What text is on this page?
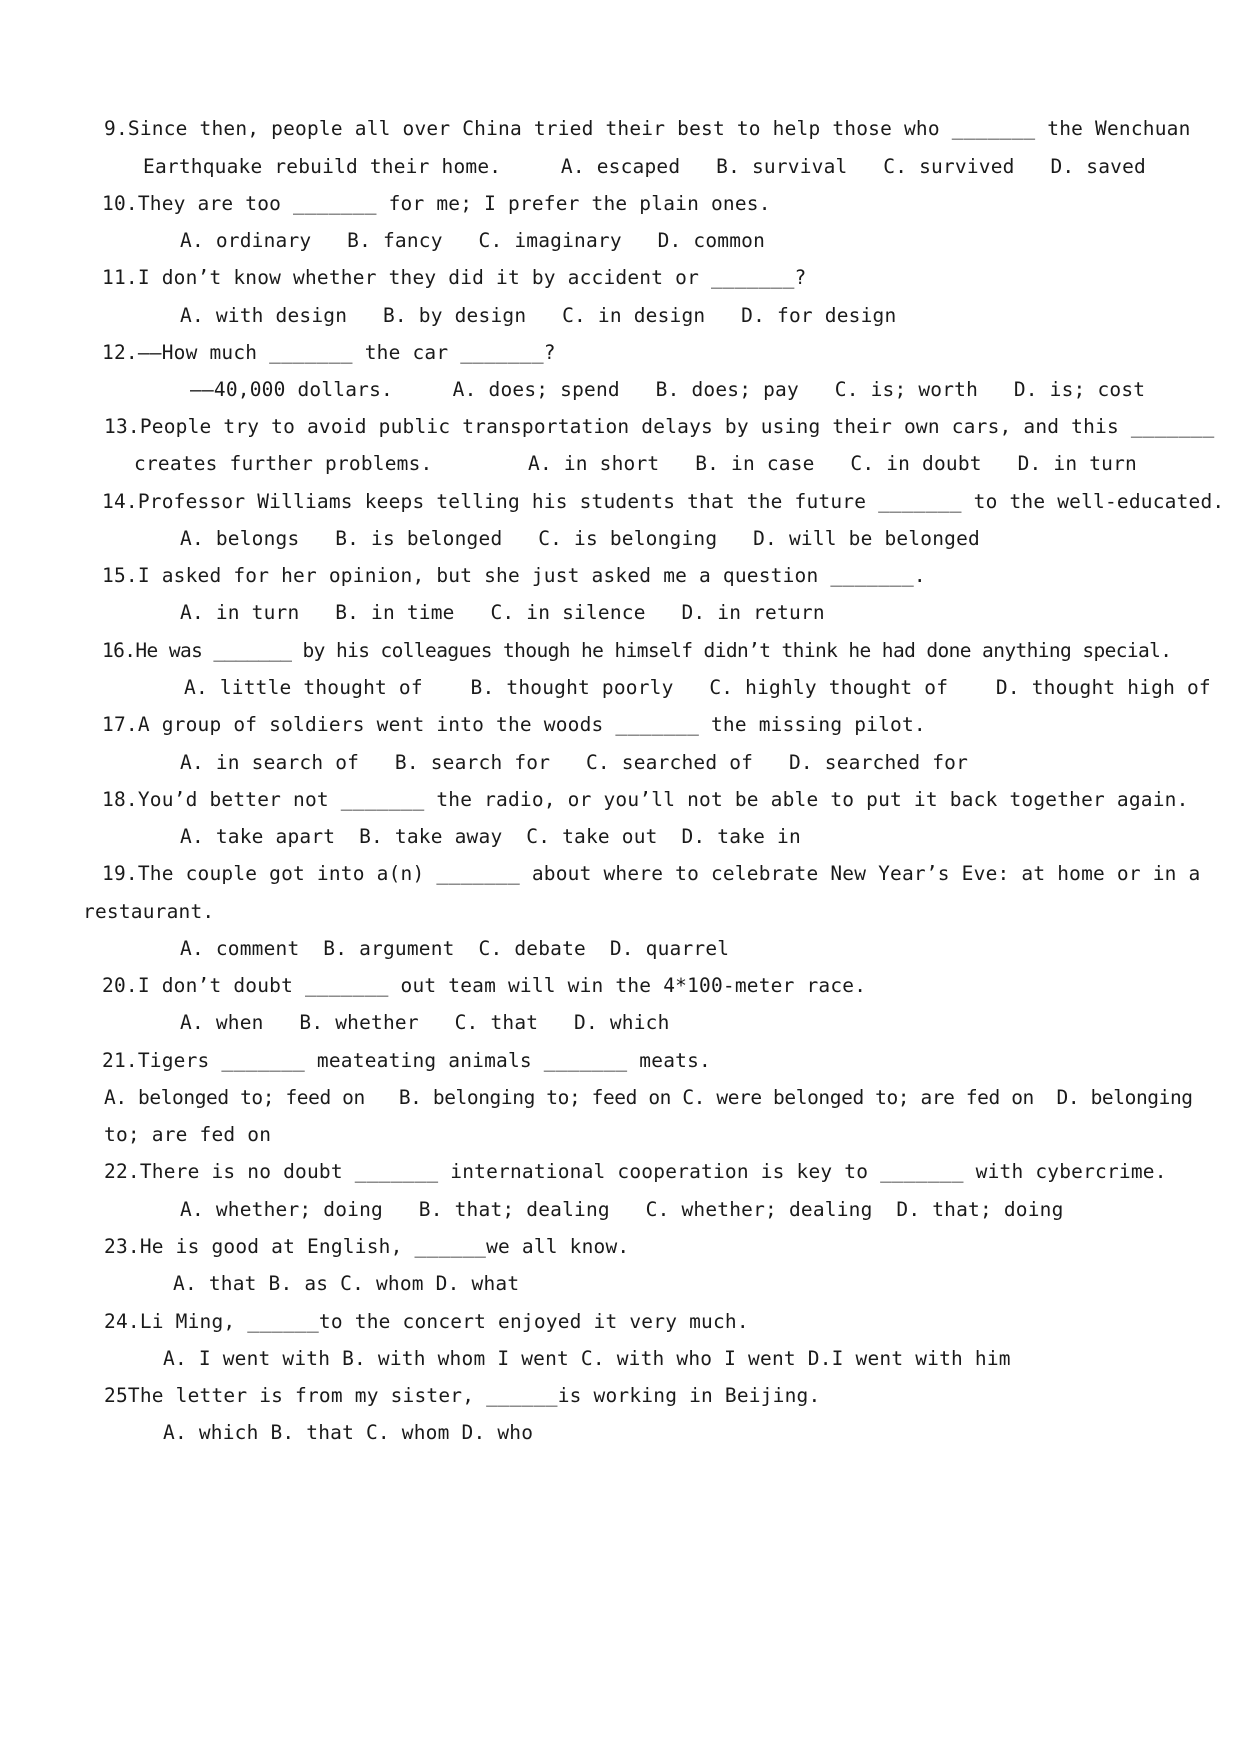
9.Since then, people all over China tried their best to help those who _______ the Wenchuan
Earthquake rebuild their home.	A. escaped   B. survival   C. survived   D. saved
10.They are too _______ for me; I prefer the plain ones.
A. ordinary   B. fancy   C. imaginary   D. common
11.I don’t know whether they did it by accident or _______?
A. with design   B. by design   C. in design   D. for design
12.——How much _______ the car _______?
——40,000 dollars.     A. does; spend   B. does; pay   C. is; worth   D. is; cost
13.People try to avoid public transportation delays by using their own cars, and this _______
creates further problems.	A. in short   B. in case   C. in doubt   D. in turn
14.Professor Williams keeps telling his students that the future _______ to the well-educated.
A. belongs   B. is belonged   C. is belonging   D. will be belonged
15.I asked for her opinion, but she just asked me a question _______.
A. in turn   B. in time   C. in silence   D. in return
16.He was _______ by his colleagues though he himself didn’t think he had done anything special.
A. little thought of    B. thought poorly   C. highly thought of    D. thought high of
17.A group of soldiers went into the woods _______ the missing pilot.
A. in search of   B. search for   C. searched of   D. searched for
18.You’d better not _______ the radio, or you’ll not be able to put it back together again.
A. take apart  B. take away  C. take out  D. take in
19.The couple got into a(n) _______ about where to celebrate New Year’s Eve: at home or in a
restaurant.
A. comment  B. argument  C. debate  D. quarrel
20.I don’t doubt _______ out team will win the 4*100-meter race.
A. when   B. whether   C. that   D. which
21.Tigers _______ meateating animals _______ meats.
A. belonged to; feed on   B. belonging to; feed on C. were belonged to; are fed on  D. belonging
to; are fed on
22.There is no doubt _______ international cooperation is key to _______ with cybercrime.
A. whether; doing   B. that; dealing   C. whether; dealing  D. that; doing
23.He is good at English, ______we all know.
A. that B. as C. whom D. what
24.Li Ming, ______to the concert enjoyed it very much.
A. I went with B. with whom I went C. with who I went D.I went with him
25The letter is from my sister, ______is working in Beijing.
A. which B. that C. whom D. who
